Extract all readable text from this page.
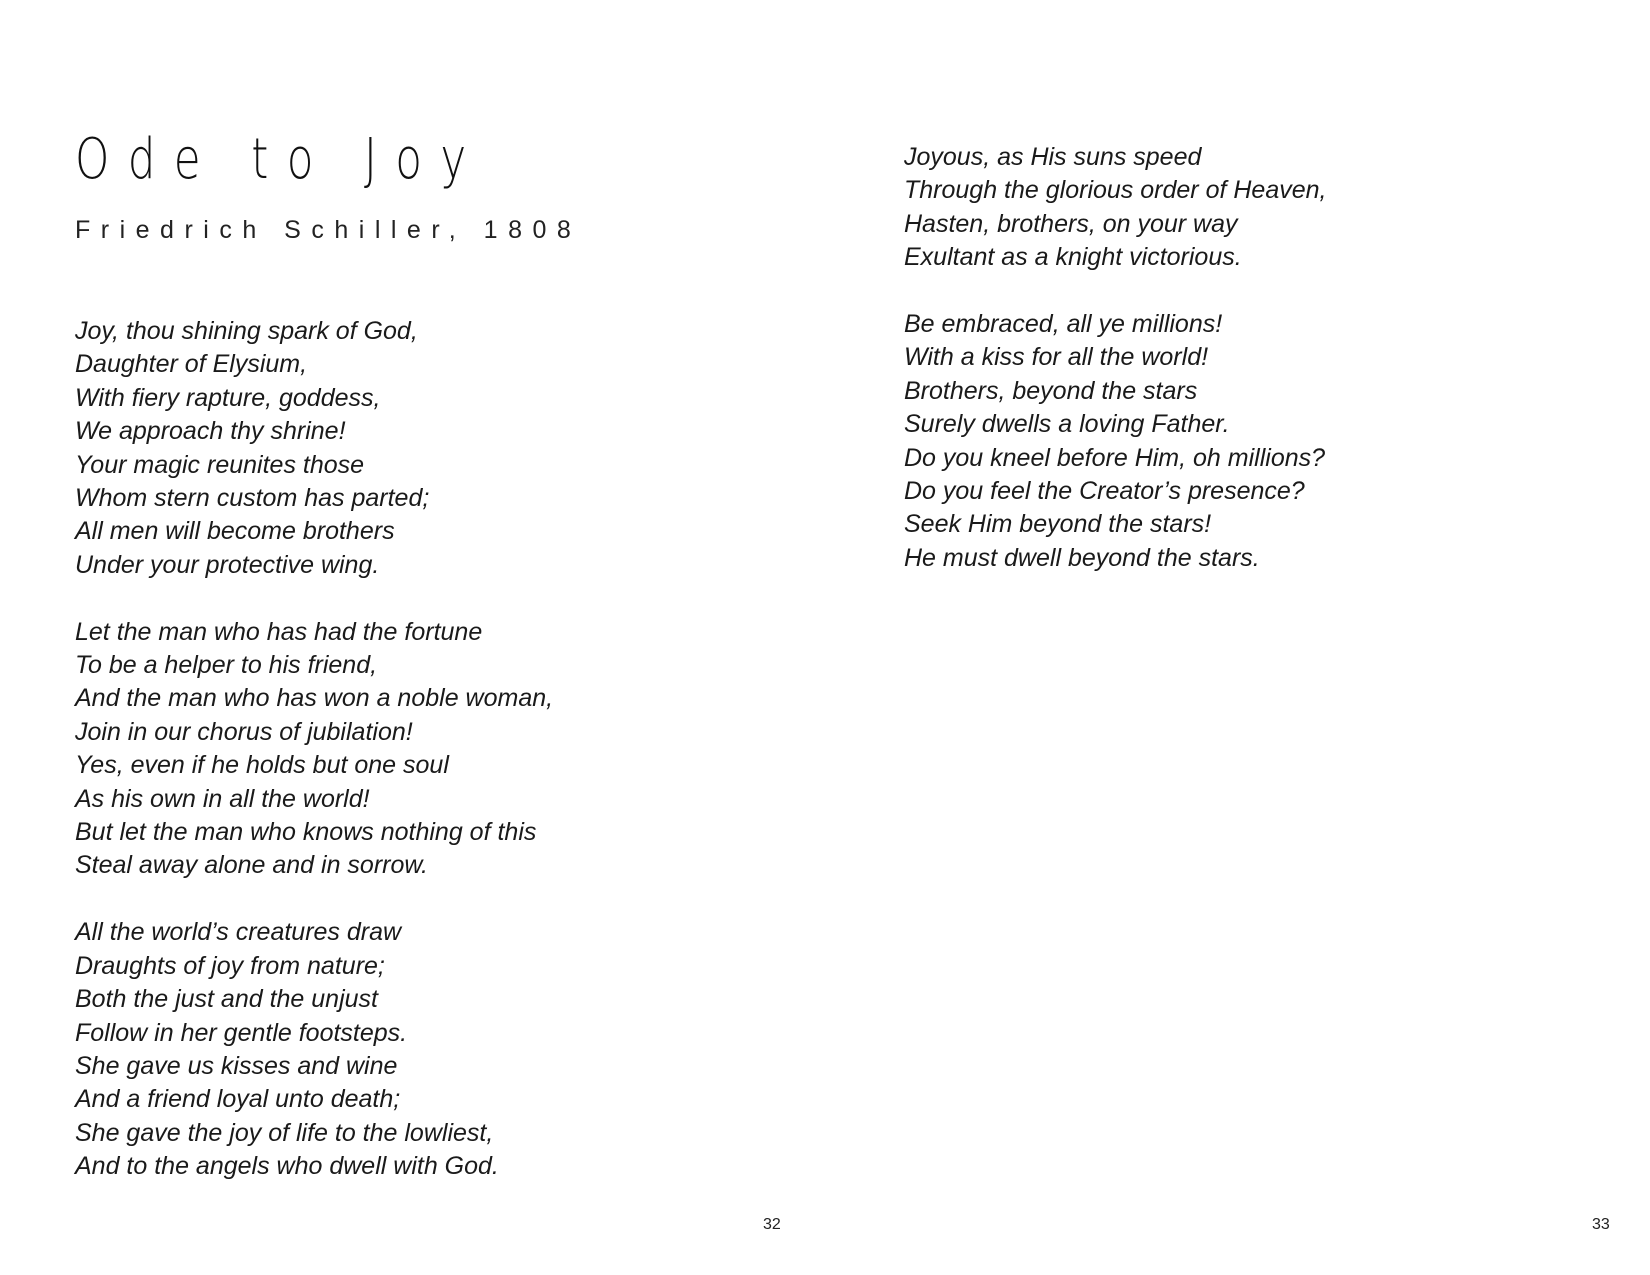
Ode to Joy

Friedrich Schiller, 1808

Joy, thou shining spark of God,
Daughter of Elysium,
With fiery rapture, goddess,
We approach thy shrine!
Your magic reunites those
Whom stern custom has parted;
All men will become brothers
Under your protective wing.

Let the man who has had the fortune
To be a helper to his friend,
And the man who has won a noble woman,
Join in our chorus of jubilation!
Yes, even if he holds but one soul
As his own in all the world!
But let the man who knows nothing of this
Steal away alone and in sorrow.

All the world’s creatures draw
Draughts of joy from nature;
Both the just and the unjust
Follow in her gentle footsteps.
She gave us kisses and wine
And a friend loyal unto death;
She gave the joy of life to the lowliest,
And to the angels who dwell with God.

32

Joyous, as His suns speed
Through the glorious order of Heaven,
Hasten, brothers, on your way
Exultant as a knight victorious.

Be embraced, all ye millions!
With a kiss for all the world!
Brothers, beyond the stars
Surely dwells a loving Father.
Do you kneel before Him, oh millions?
Do you feel the Creator’s presence?
Seek Him beyond the stars!
He must dwell beyond the stars.

33
